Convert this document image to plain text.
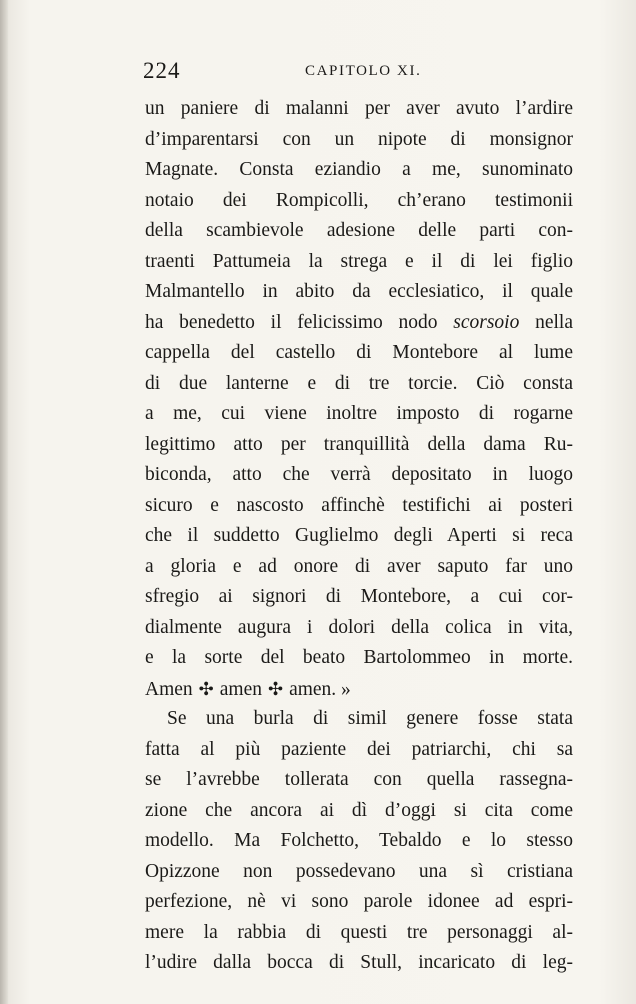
224	CAPITOLO XI.
un paniere di malanni per aver avuto l’ardire
d’imparentarsi con un nipote di monsignor
Magnate. Consta eziandio a me, sunominato
notaio dei Rompicolli, ch’erano testimonii
della scambievole adesione delle parti con-
traenti Pattumeia la strega e il di lei figlio
Malmantello in abito da ecclesiatico, il quale
ha benedetto il felicissimo nodo scorsoio nella
cappella del castello di Montebore al lume
di due lanterne e di tre torcie. Ciò consta
a me, cui viene inoltre imposto di rogarne
legittimo atto per tranquillità della dama Ru-
biconda, atto che verrà depositato in luogo
sicuro e nascosto affinchè testifichi ai posteri
che il suddetto Guglielmo degli Aperti si reca
a gloria e ad onore di aver saputo far uno
sfregio ai signori di Montebore, a cui cor-
dialmente augura i dolori della colica in vita,
e la sorte del beato Bartolommeo in morte.
Amen ✣ amen ✣ amen. »
Se una burla di simil genere fosse stata
fatta al più paziente dei patriarchi, chi sa
se l’avrebbe tollerata con quella rassegna-
zione che ancora ai dì d’oggi si cita come
modello. Ma Folchetto, Tebaldo e lo stesso
Opizzone non possedevano una sì cristiana
perfezione, nè vi sono parole idonee ad espri-
mere la rabbia di questi tre personaggi al-
l’udire dalla bocca di Stull, incaricato di leg-
